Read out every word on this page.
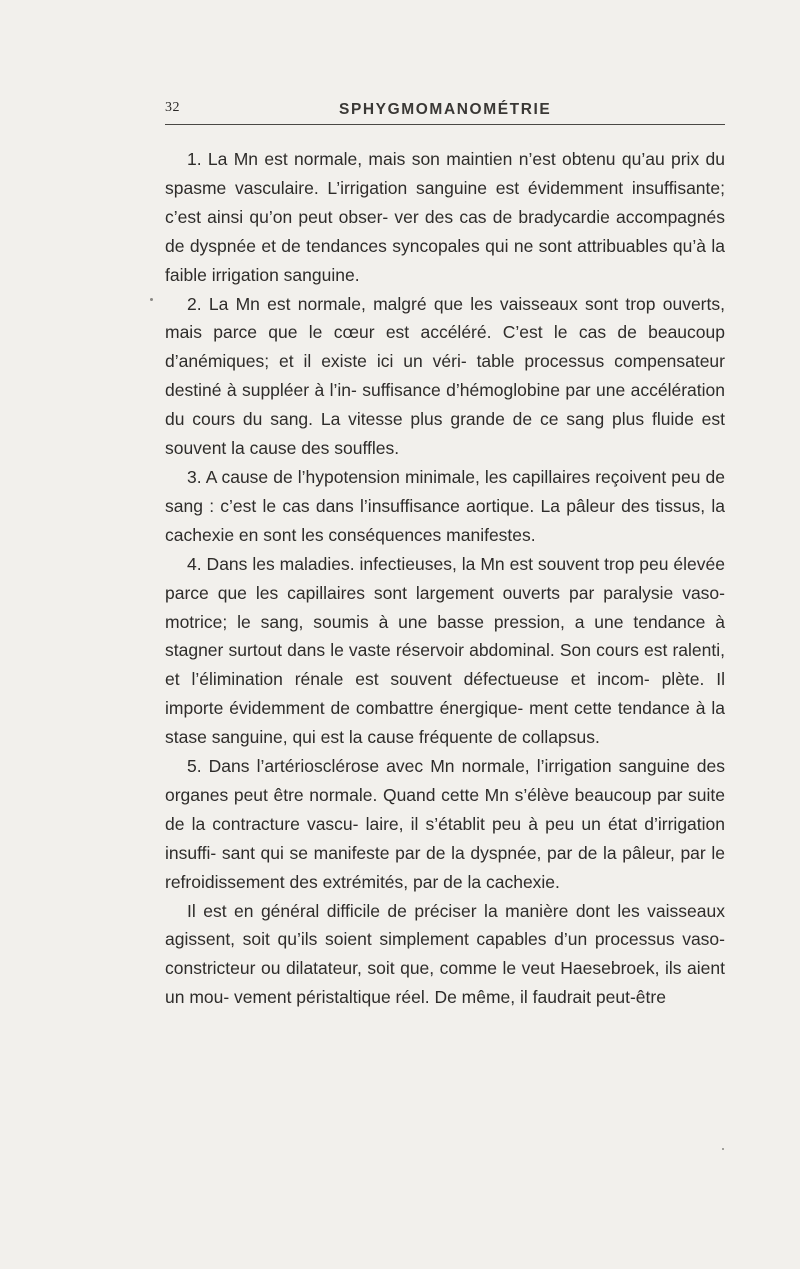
32	SPHYGMOMANOMÉTRIE

1. La Mn est normale, mais son maintien n’est obtenu qu’au prix du spasme vasculaire. L’irrigation sanguine est évidemment insuffisante; c’est ainsi qu’on peut obser- ver des cas de bradycardie accompagnés de dyspnée et de tendances syncopales qui ne sont attribuables qu’à la faible irrigation sanguine.

2. La Mn est normale, malgré que les vaisseaux sont trop ouverts, mais parce que le cœur est accéléré. C’est le cas de beaucoup d’anémiques; et il existe ici un véri- table processus compensateur destiné à suppléer à l’in- suffisance d’hémoglobine par une accélération du cours du sang. La vitesse plus grande de ce sang plus fluide est souvent la cause des souffles.

3. A cause de l’hypotension minimale, les capillaires reçoivent peu de sang : c’est le cas dans l’insuffisance aortique. La pâleur des tissus, la cachexie en sont les conséquences manifestes.

4. Dans les maladies. infectieuses, la Mn est souvent trop peu élevée parce que les capillaires sont largement ouverts par paralysie vaso-motrice; le sang, soumis à une basse pression, a une tendance à stagner surtout dans le vaste réservoir abdominal. Son cours est ralenti, et l’élimination rénale est souvent défectueuse et incom- plète. Il importe évidemment de combattre énergique- ment cette tendance à la stase sanguine, qui est la cause fréquente de collapsus.

5. Dans l’artériosclérose avec Mn normale, l’irrigation sanguine des organes peut être normale. Quand cette Mn s’élève beaucoup par suite de la contracture vascu- laire, il s’établit peu à peu un état d’irrigation insuffi- sant qui se manifeste par de la dyspnée, par de la pâleur, par le refroidissement des extrémités, par de la cachexie.

Il est en général difficile de préciser la manière dont les vaisseaux agissent, soit qu’ils soient simplement capables d’un processus vaso-constricteur ou dilatateur, soit que, comme le veut Haesebroek, ils aient un mou- vement péristaltique réel. De même, il faudrait peut-être
